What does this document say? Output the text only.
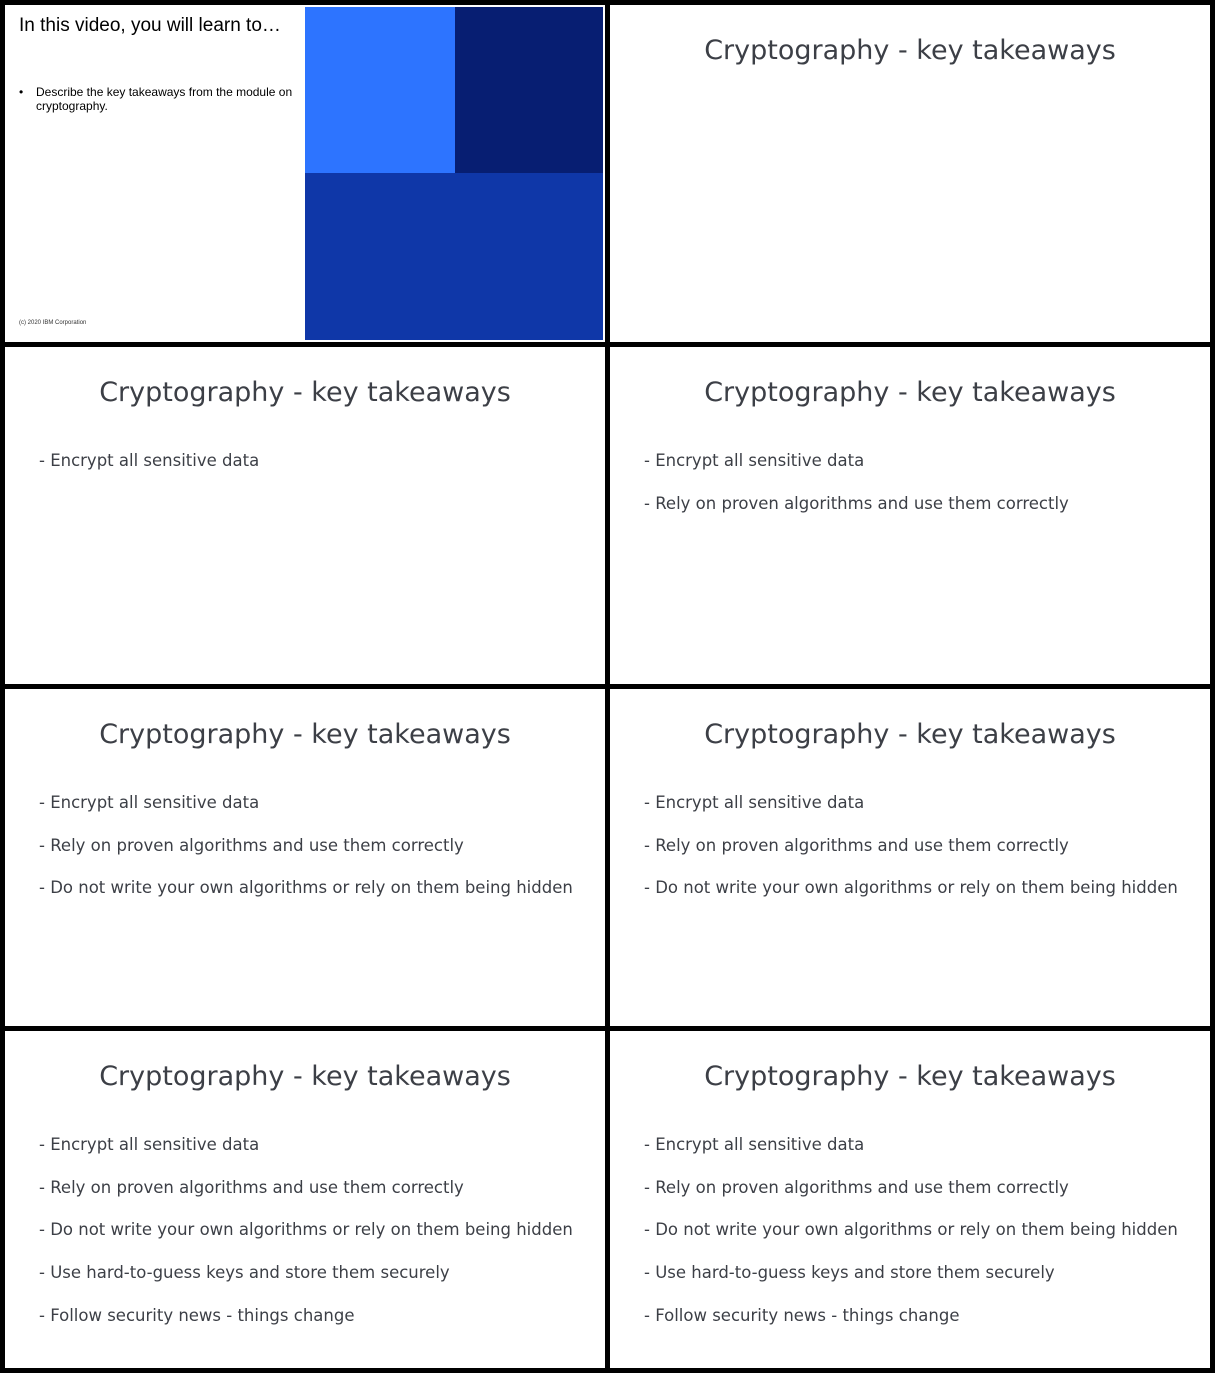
In this video, you will learn to…
• Describe the key takeaways from the module on cryptography.
(c) 2020 IBM Corporation
Cryptography - key takeaways
Cryptography - key takeaways
- Encrypt all sensitive data
Cryptography - key takeaways
- Encrypt all sensitive data
- Rely on proven algorithms and use them correctly
Cryptography - key takeaways
- Encrypt all sensitive data
- Rely on proven algorithms and use them correctly
- Do not write your own algorithms or rely on them being hidden
Cryptography - key takeaways
- Encrypt all sensitive data
- Rely on proven algorithms and use them correctly
- Do not write your own algorithms or rely on them being hidden
Cryptography - key takeaways
- Encrypt all sensitive data
- Rely on proven algorithms and use them correctly
- Do not write your own algorithms or rely on them being hidden
- Use hard-to-guess keys and store them securely
- Follow security news - things change
Cryptography - key takeaways
- Encrypt all sensitive data
- Rely on proven algorithms and use them correctly
- Do not write your own algorithms or rely on them being hidden
- Use hard-to-guess keys and store them securely
- Follow security news - things change
